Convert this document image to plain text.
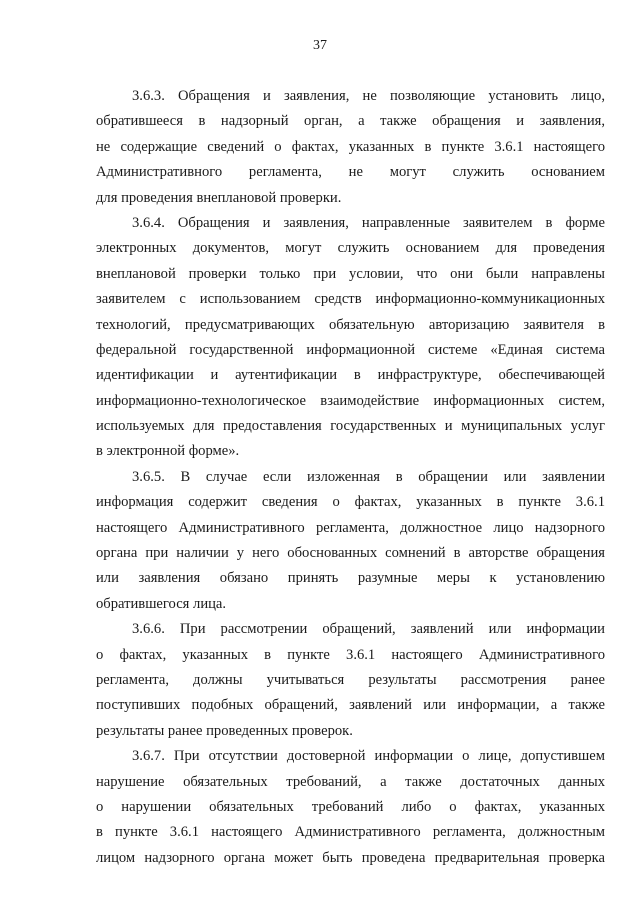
37
3.6.3. Обращения и заявления, не позволяющие установить лицо,
обратившееся в надзорный орган, а также обращения и заявления,
не содержащие сведений о фактах, указанных в пункте 3.6.1 настоящего
Административного регламента, не могут служить основанием
для проведения внеплановой проверки.
3.6.4. Обращения и заявления, направленные заявителем в форме
электронных документов, могут служить основанием для проведения
внеплановой проверки только при условии, что они были направлены
заявителем с использованием средств информационно-коммуникационных
технологий, предусматривающих обязательную авторизацию заявителя в
федеральной государственной информационной системе «Единая система
идентификации и аутентификации в инфраструктуре, обеспечивающей
информационно-технологическое взаимодействие информационных систем,
используемых для предоставления государственных и муниципальных услуг
в электронной форме».
3.6.5. В случае если изложенная в обращении или заявлении
информация содержит сведения о фактах, указанных в пункте 3.6.1
настоящего Административного регламента, должностное лицо надзорного
органа при наличии у него обоснованных сомнений в авторстве обращения
или заявления обязано принять разумные меры к установлению
обратившегося лица.
3.6.6. При рассмотрении обращений, заявлений или информации
о фактах, указанных в пункте 3.6.1 настоящего Административного
регламента, должны учитываться результаты рассмотрения ранее
поступивших подобных обращений, заявлений или информации, а также
результаты ранее проведенных проверок.
3.6.7. При отсутствии достоверной информации о лице, допустившем
нарушение обязательных требований, а также достаточных данных
о нарушении обязательных требований либо о фактах, указанных
в пункте 3.6.1 настоящего Административного регламента, должностным
лицом надзорного органа может быть проведена предварительная проверка
